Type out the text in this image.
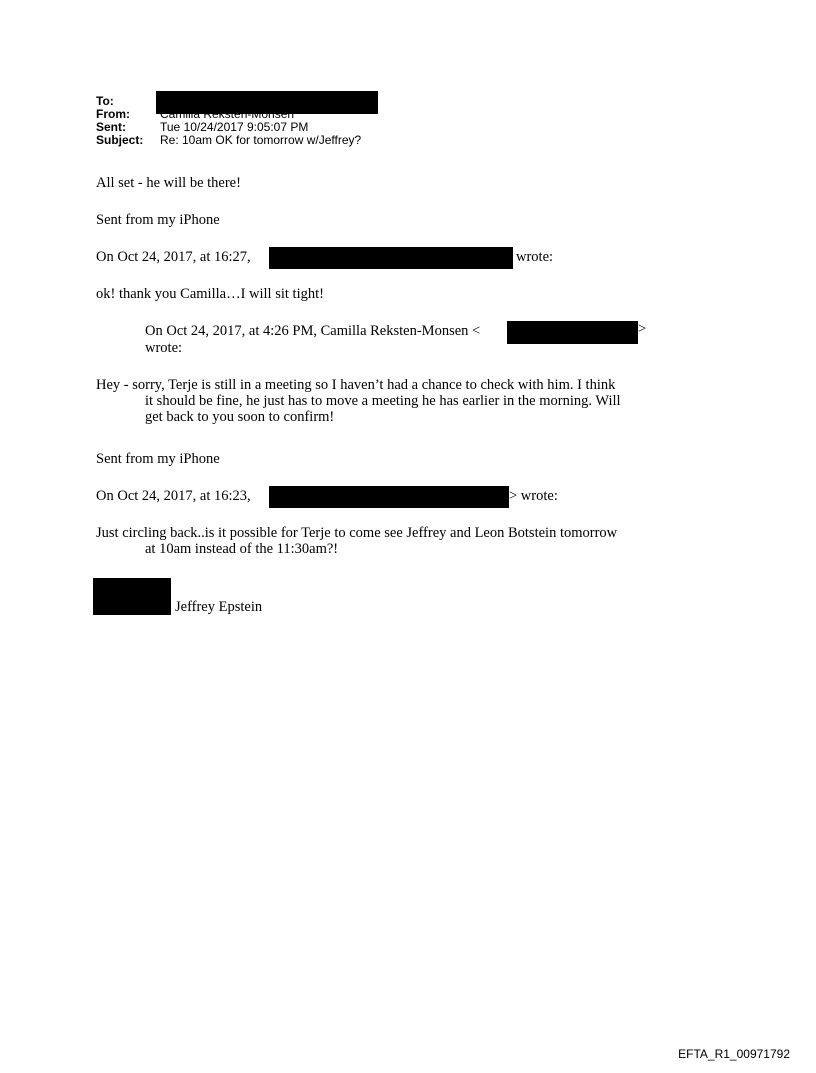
To:
From:	Camilla Reksten-Monsen
Sent:	Tue 10/24/2017 9:05:07 PM
Subject: Re: 10am OK for tomorrow w/Jeffrey?
All set - he will be there!
Sent from my iPhone
On Oct 24, 2017, at 16:27,	wrote:
ok! thank you Camilla…I will sit tight!
On Oct 24, 2017, at 4:26 PM, Camilla Reksten-Monsen <	>
wrote:
Hey - sorry, Terje is still in a meeting so I haven’t had a chance to check with him. I think
it should be fine, he just has to move a meeting he has earlier in the morning. Will
get back to you soon to confirm!
Sent from my iPhone
On Oct 24, 2017, at 16:23,	> wrote:
Just circling back..is it possible for Terje to come see Jeffrey and Leon Botstein tomorrow
at 10am instead of the 11:30am?!
Jeffrey Epstein
EFTA_R1_00971792
